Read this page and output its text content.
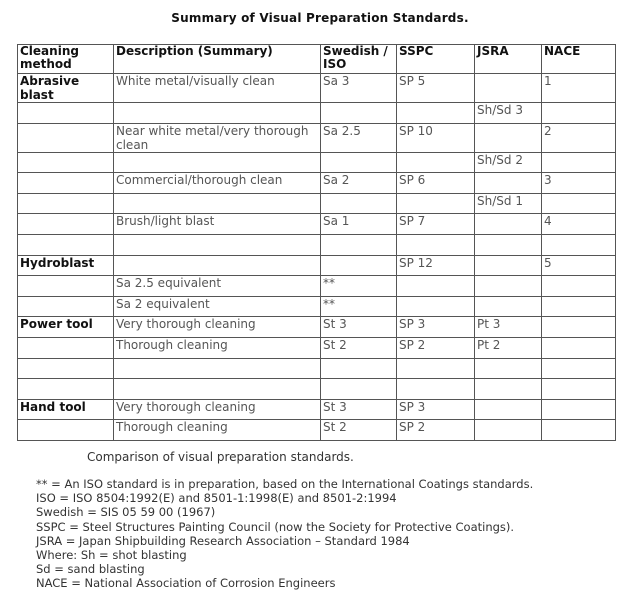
Summary of Visual Preparation Standards.
Cleaning method	Description (Summary)	Swedish / ISO	SSPC	JSRA	NACE
Abrasive blast	White metal/visually clean	Sa 3	SP 5		1
				Sh/Sd 3	
	Near white metal/very thorough clean	Sa 2.5	SP 10		2
				Sh/Sd 2	
	Commercial/thorough clean	Sa 2	SP 6		3
				Sh/Sd 1	
	Brush/light blast	Sa 1	SP 7		4

Hydroblast			SP 12		5
	Sa 2.5 equivalent	**			
	Sa 2 equivalent	**			
Power tool	Very thorough cleaning	St 3	SP 3	Pt 3	
	Thorough cleaning	St 2	SP 2	Pt 2	

Hand tool	Very thorough cleaning	St 3	SP 3		
	Thorough cleaning	St 2	SP 2		
Comparison of visual preparation standards.
** = An ISO standard is in preparation, based on the International Coatings standards.
ISO = ISO 8504:1992(E) and 8501-1:1998(E) and 8501-2:1994
Swedish = SIS 05 59 00 (1967)
SSPC = Steel Structures Painting Council (now the Society for Protective Coatings).
JSRA = Japan Shipbuilding Research Association – Standard 1984
Where: Sh = shot blasting
Sd = sand blasting
NACE = National Association of Corrosion Engineers
